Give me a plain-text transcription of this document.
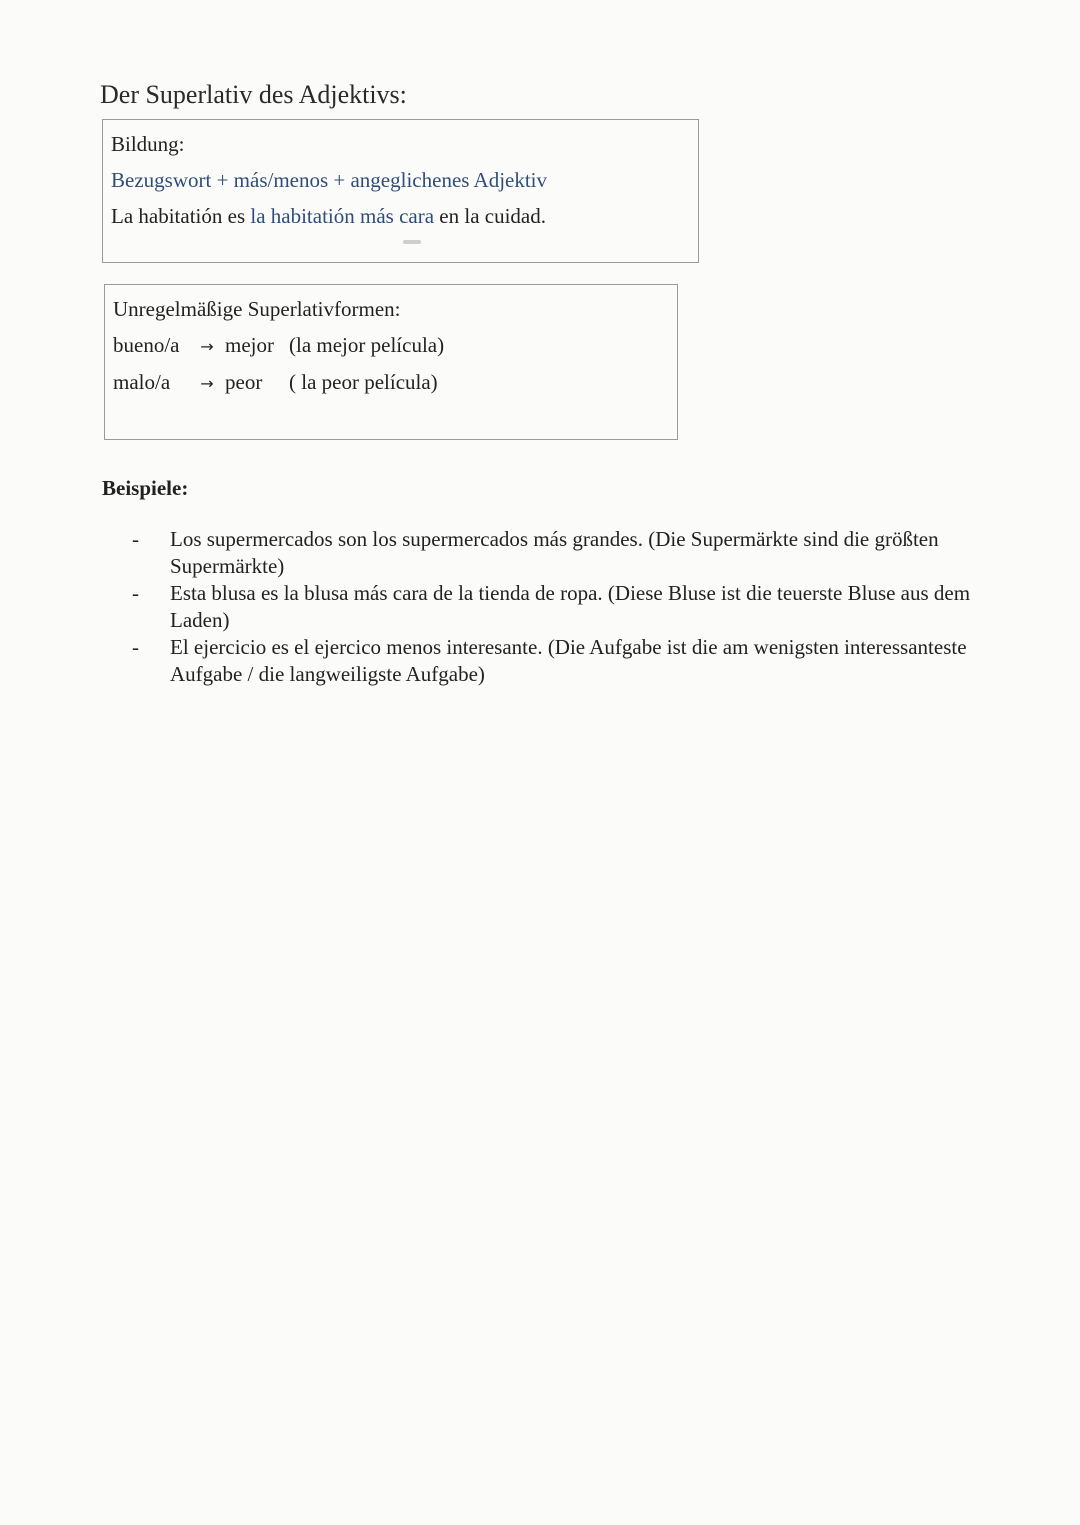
Der Superlativ des Adjektivs:

Bildung:

Bezugswort + más/menos + angeglichenes Adjektiv

La habitatión es la habitatión más cara en la cuidad.

Unregelmäßige Superlativformen:

bueno/a → mejor (la mejor película)

malo/a → peor ( la peor película)

Beispiele:

- Los supermercados son los supermercados más grandes. (Die Supermärkte sind die größten Supermärkte)
- Esta blusa es la blusa más cara de la tienda de ropa. (Diese Bluse ist die teuerste Bluse aus dem Laden)
- El ejercicio es el ejercico menos interesante. (Die Aufgabe ist die am wenigsten interessanteste Aufgabe / die langweiligste Aufgabe)
